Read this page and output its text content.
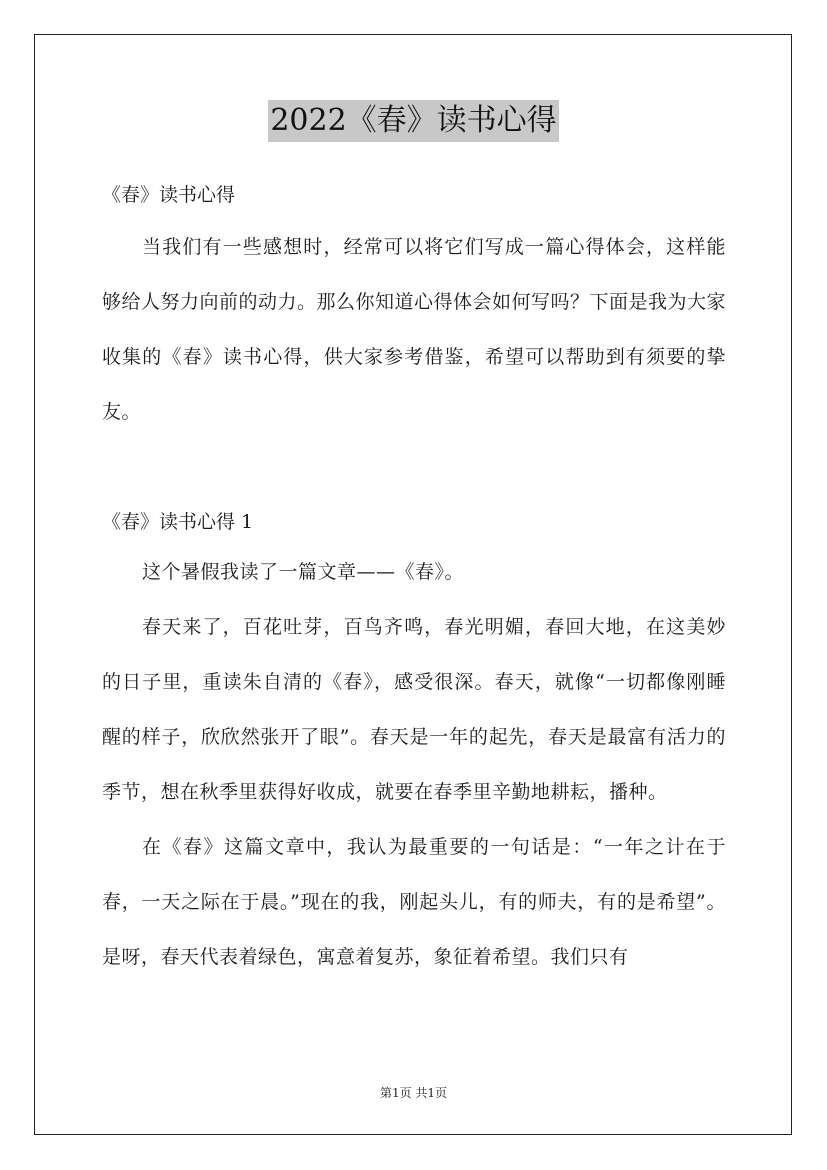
2022《春》读书心得
《春》读书心得

当我们有一些感想时，经常可以将它们写成一篇心得体会，这样能够给人努力向前的动力。那么你知道心得体会如何写吗？下面是我为大家收集的《春》读书心得，供大家参考借鉴，希望可以帮助到有须要的挚友。

《春》读书心得 1

这个暑假我读了一篇文章——《春》。

春天来了，百花吐芽，百鸟齐鸣，春光明媚，春回大地，在这美妙的日子里，重读朱自清的《春》，感受很深。春天，就像“一切都像刚睡醒的样子，欣欣然张开了眼”。春天是一年的起先，春天是最富有活力的季节，想在秋季里获得好收成，就要在春季里辛勤地耕耘，播种。

在《春》这篇文章中，我认为最重要的一句话是：“一年之计在于春，一天之际在于晨。”现在的我，刚起头儿，有的师夫，有的是希望”。是呀，春天代表着绿色，寓意着复苏，象征着希望。我们只有

第1页 共1页
